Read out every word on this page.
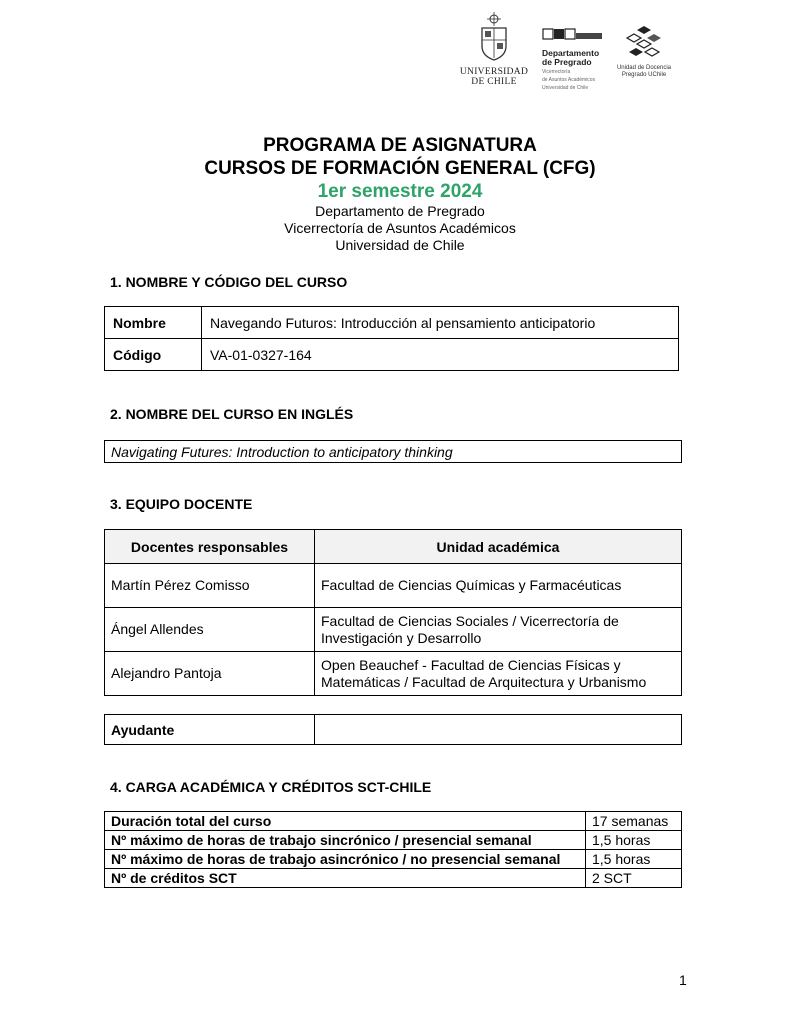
UNIVERSIDAD
DE CHILE
Departamento
de Pregrado
Vicerrectoría
de Asuntos Académicos
Universidad de Chile
Unidad de Docencia
Pregrado UChile
PROGRAMA DE ASIGNATURA
CURSOS DE FORMACIÓN GENERAL (CFG)
1er semestre 2024
Departamento de Pregrado
Vicerrectoría de Asuntos Académicos
Universidad de Chile
1. NOMBRE Y CÓDIGO DEL CURSO
Nombre	Navegando Futuros: Introducción al pensamiento anticipatorio
Código	VA-01-0327-164
2. NOMBRE DEL CURSO EN INGLÉS
Navigating Futures: Introduction to anticipatory thinking
3. EQUIPO DOCENTE
Docentes responsables	Unidad académica
Martín Pérez Comisso	Facultad de Ciencias Químicas y Farmacéuticas
Ángel Allendes	Facultad de Ciencias Sociales / Vicerrectoría de Investigación y Desarrollo
Alejandro Pantoja	Open Beauchef - Facultad de Ciencias Físicas y Matemáticas / Facultad de Arquitectura y Urbanismo
Ayudante	
4. CARGA ACADÉMICA Y CRÉDITOS SCT-CHILE
Duración total del curso	17 semanas
Nº máximo de horas de trabajo sincrónico / presencial semanal	1,5 horas
Nº máximo de horas de trabajo asincrónico / no presencial semanal	1,5 horas
Nº de créditos SCT	2 SCT
1
